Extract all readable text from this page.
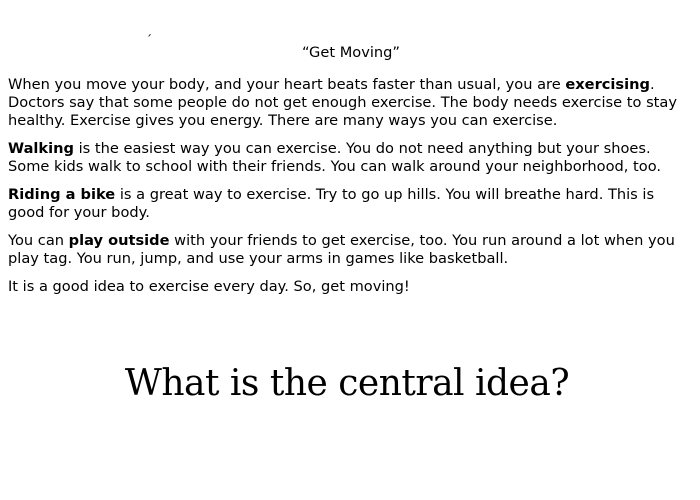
´
“Get Moving”

When you move your body, and your heart beats faster than usual, you are exercising. Doctors say that some people do not get enough exercise. The body needs exercise to stay healthy. Exercise gives you energy. There are many ways you can exercise.

Walking is the easiest way you can exercise. You do not need anything but your shoes. Some kids walk to school with their friends. You can walk around your neighborhood, too.

Riding a bike is a great way to exercise. Try to go up hills. You will breathe hard. This is good for your body.

You can play outside with your friends to get exercise, too. You run around a lot when you play tag. You run, jump, and use your arms in games like basketball.

It is a good idea to exercise every day. So, get moving!

What is the central idea?
